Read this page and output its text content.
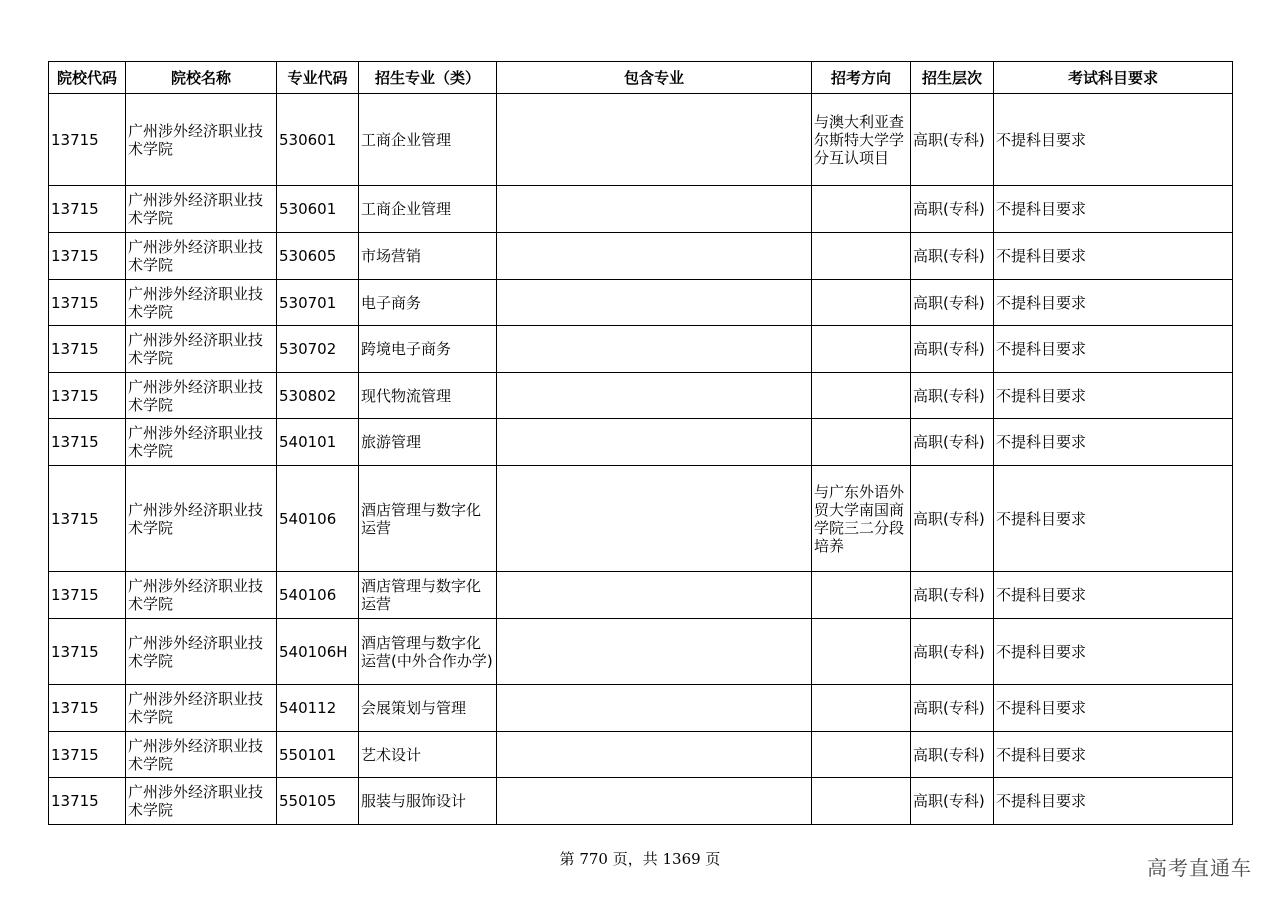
院校代码	院校名称	专业代码	招生专业（类）	包含专业	招考方向	招生层次	考试科目要求
13715	广州涉外经济职业技术学院	530601	工商企业管理		与澳大利亚查尔斯特大学学分互认项目	高职(专科)	不提科目要求
13715	广州涉外经济职业技术学院	530601	工商企业管理			高职(专科)	不提科目要求
13715	广州涉外经济职业技术学院	530605	市场营销			高职(专科)	不提科目要求
13715	广州涉外经济职业技术学院	530701	电子商务			高职(专科)	不提科目要求
13715	广州涉外经济职业技术学院	530702	跨境电子商务			高职(专科)	不提科目要求
13715	广州涉外经济职业技术学院	530802	现代物流管理			高职(专科)	不提科目要求
13715	广州涉外经济职业技术学院	540101	旅游管理			高职(专科)	不提科目要求
13715	广州涉外经济职业技术学院	540106	酒店管理与数字化运营		与广东外语外贸大学南国商学院三二分段培养	高职(专科)	不提科目要求
13715	广州涉外经济职业技术学院	540106	酒店管理与数字化运营			高职(专科)	不提科目要求
13715	广州涉外经济职业技术学院	540106H	酒店管理与数字化运营(中外合作办学)			高职(专科)	不提科目要求
13715	广州涉外经济职业技术学院	540112	会展策划与管理			高职(专科)	不提科目要求
13715	广州涉外经济职业技术学院	550101	艺术设计			高职(专科)	不提科目要求
13715	广州涉外经济职业技术学院	550105	服装与服饰设计			高职(专科)	不提科目要求
第 770 页，共 1369 页	高考直通车
